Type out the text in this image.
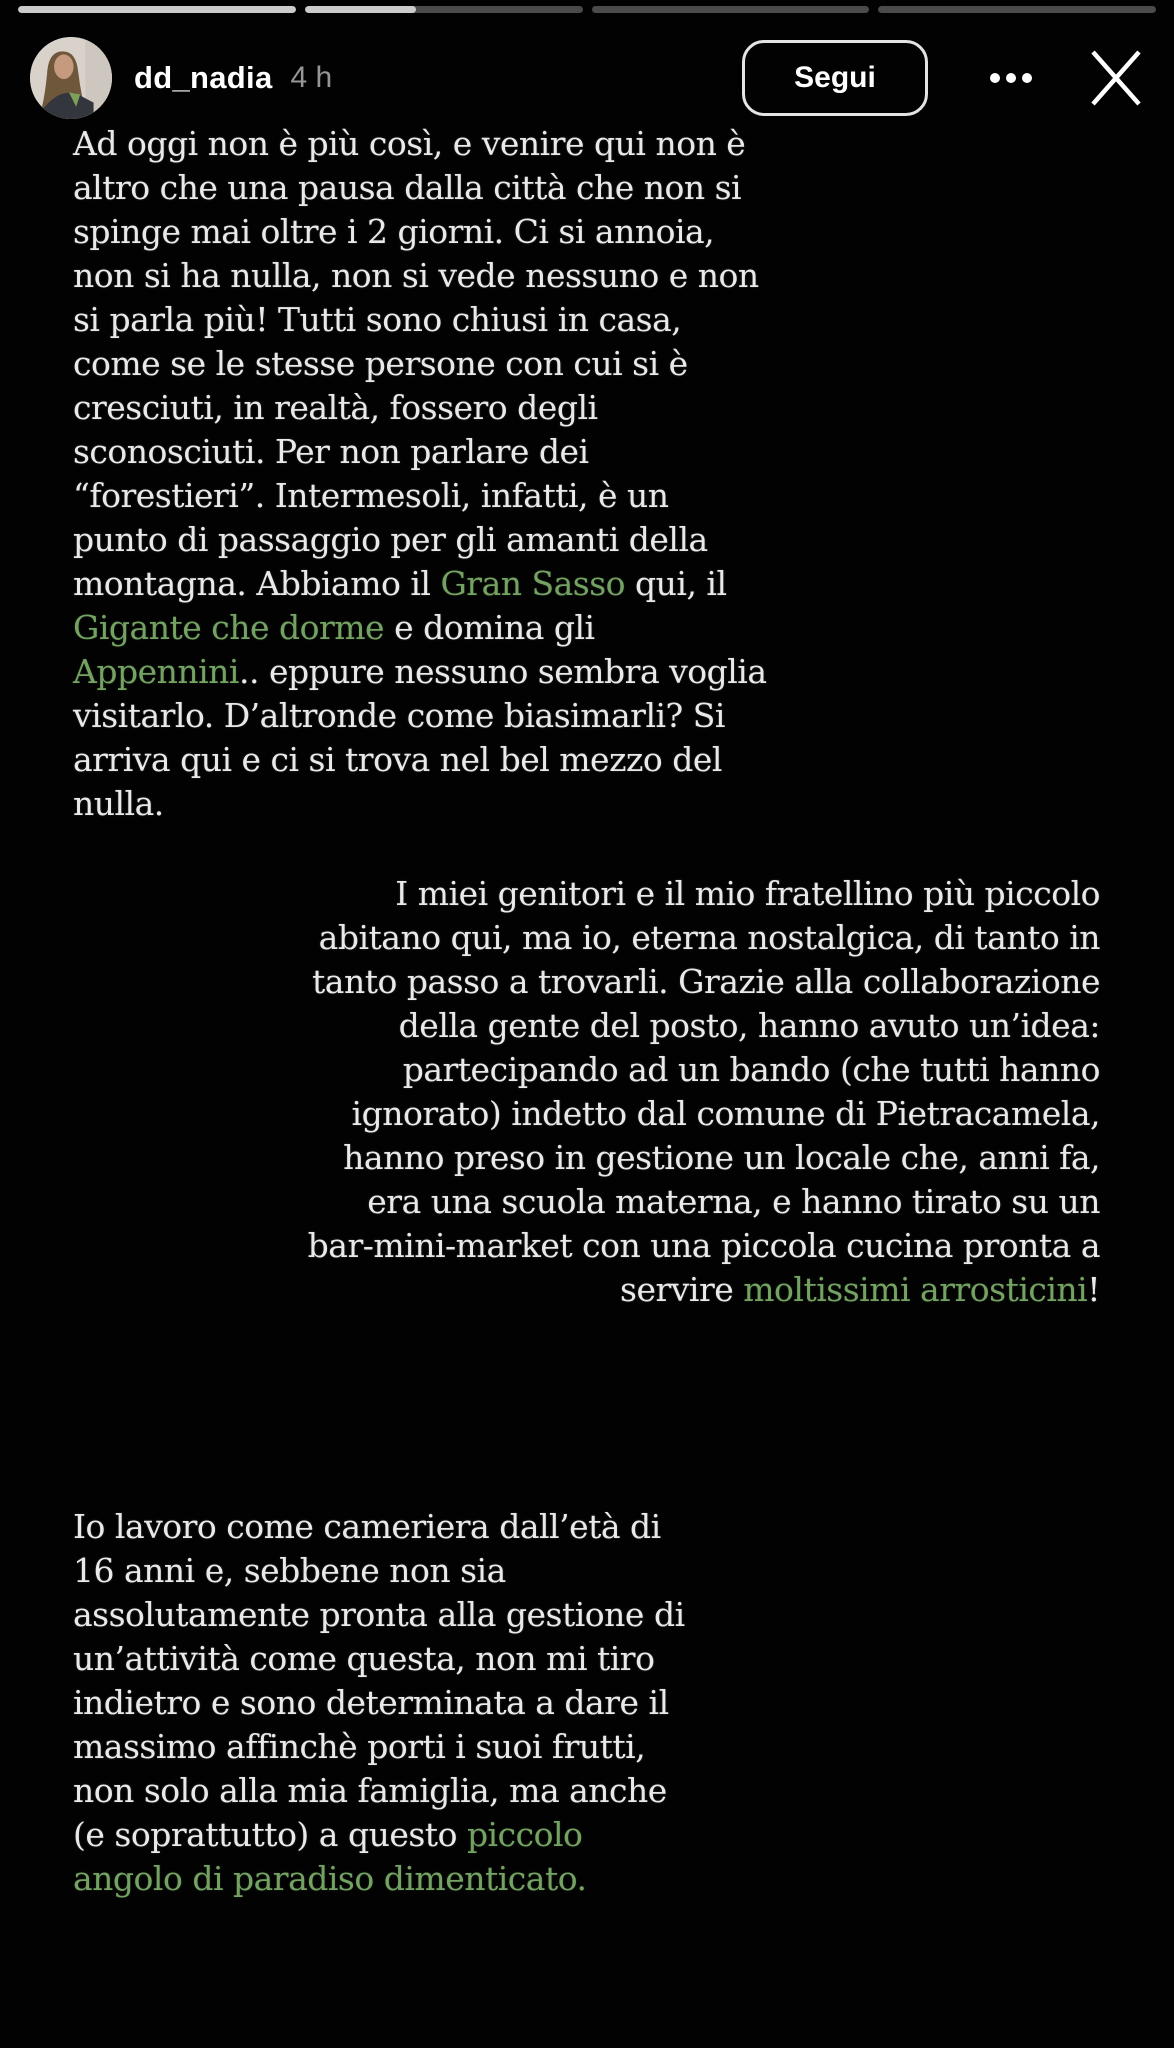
dd_nadia 4 h	Segui
Ad oggi non è più così, e venire qui non è
altro che una pausa dalla città che non si
spinge mai oltre i 2 giorni. Ci si annoia,
non si ha nulla, non si vede nessuno e non
si parla più! Tutti sono chiusi in casa,
come se le stesse persone con cui si è
cresciuti, in realtà, fossero degli
sconosciuti. Per non parlare dei
“forestieri”. Intermesoli, infatti, è un
punto di passaggio per gli amanti della
montagna. Abbiamo il Gran Sasso qui, il
Gigante che dorme e domina gli
Appennini.. eppure nessuno sembra voglia
visitarlo. D’altronde come biasimarli? Si
arriva qui e ci si trova nel bel mezzo del
nulla.
I miei genitori e il mio fratellino più piccolo
abitano qui, ma io, eterna nostalgica, di tanto in
tanto passo a trovarli. Grazie alla collaborazione
della gente del posto, hanno avuto un’idea:
partecipando ad un bando (che tutti hanno
ignorato) indetto dal comune di Pietracamela,
hanno preso in gestione un locale che, anni fa,
era una scuola materna, e hanno tirato su un
bar-mini-market con una piccola cucina pronta a
servire moltissimi arrosticini!
Io lavoro come cameriera dall’età di
16 anni e, sebbene non sia
assolutamente pronta alla gestione di
un’attività come questa, non mi tiro
indietro e sono determinata a dare il
massimo affinchè porti i suoi frutti,
non solo alla mia famiglia, ma anche
(e soprattutto) a questo piccolo
angolo di paradiso dimenticato.
